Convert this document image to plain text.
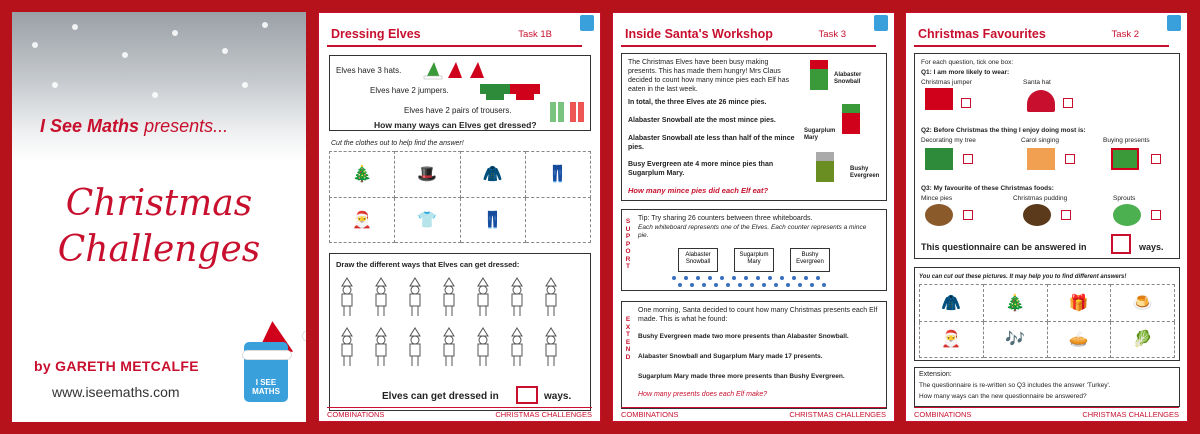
I See Maths presents...
Christmas
Challenges
by GARETH METCALFE
www.iseemaths.com
I SEE MATHS
Dressing Elves	Task 1B
Elves have 3 hats.
Elves have 2 jumpers.
Elves have 2 pairs of trousers.
How many ways can Elves get dressed?
Cut the clothes out to help find the answer!
🎄	🎩	🧥	👖
🎅	👕	👖	
Draw the different ways that Elves can get dressed:
Elves can get dressed in	ways.
COMBINATIONS	CHRISTMAS CHALLENGES
Inside Santa's Workshop	Task 3
The Christmas Elves have been busy making presents. This has made them hungry! Mrs Claus decided to count how many mince pies each Elf has eaten in the last week.
In total, the three Elves ate 26 mince pies.
Alabaster Snowball ate the most mince pies.
Alabaster Snowball ate less than half of the mince pies.
Busy Evergreen ate 4 more mince pies than Sugarplum Mary.
How many mince pies did each Elf eat?
Alabaster Snowball
Sugarplum Mary
Bushy Evergreen
S
U
P
P
O
R
T
Tip: Try sharing 26 counters between three whiteboards.
Each whiteboard represents one of the Elves. Each counter represents a mince pie.
Alabaster Snowball
Sugarplum Mary
Bushy Evergreen
E
X
T
E
N
D
One morning, Santa decided to count how many Christmas presents each Elf made. This is what he found:
Bushy Evergreen made two more presents than Alabaster Snowball.
Alabaster Snowball and Sugarplum Mary made 17 presents.
Sugarplum Mary made three more presents than Bushy Evergreen.
How many presents does each Elf make?
COMBINATIONS	CHRISTMAS CHALLENGES
Christmas Favourites	Task 2
For each question, tick one box:
Q1: I am more likely to wear:
Christmas jumper	Santa hat
Q2: Before Christmas the thing I enjoy doing most is:
Decorating my tree	Carol singing	Buying presents
Q3: My favourite of these Christmas foods:
Mince pies	Christmas pudding	Sprouts
This questionnaire can be answered in	ways.
You can cut out these pictures. It may help you to find different answers!
🧥	🎄	🎁	🍮
🎅	🎶	🥧	🥬
Extension:
The questionnaire is re-written so Q3 includes the answer 'Turkey'.
How many ways can the new questionnaire be answered?
COMBINATIONS	CHRISTMAS CHALLENGES
